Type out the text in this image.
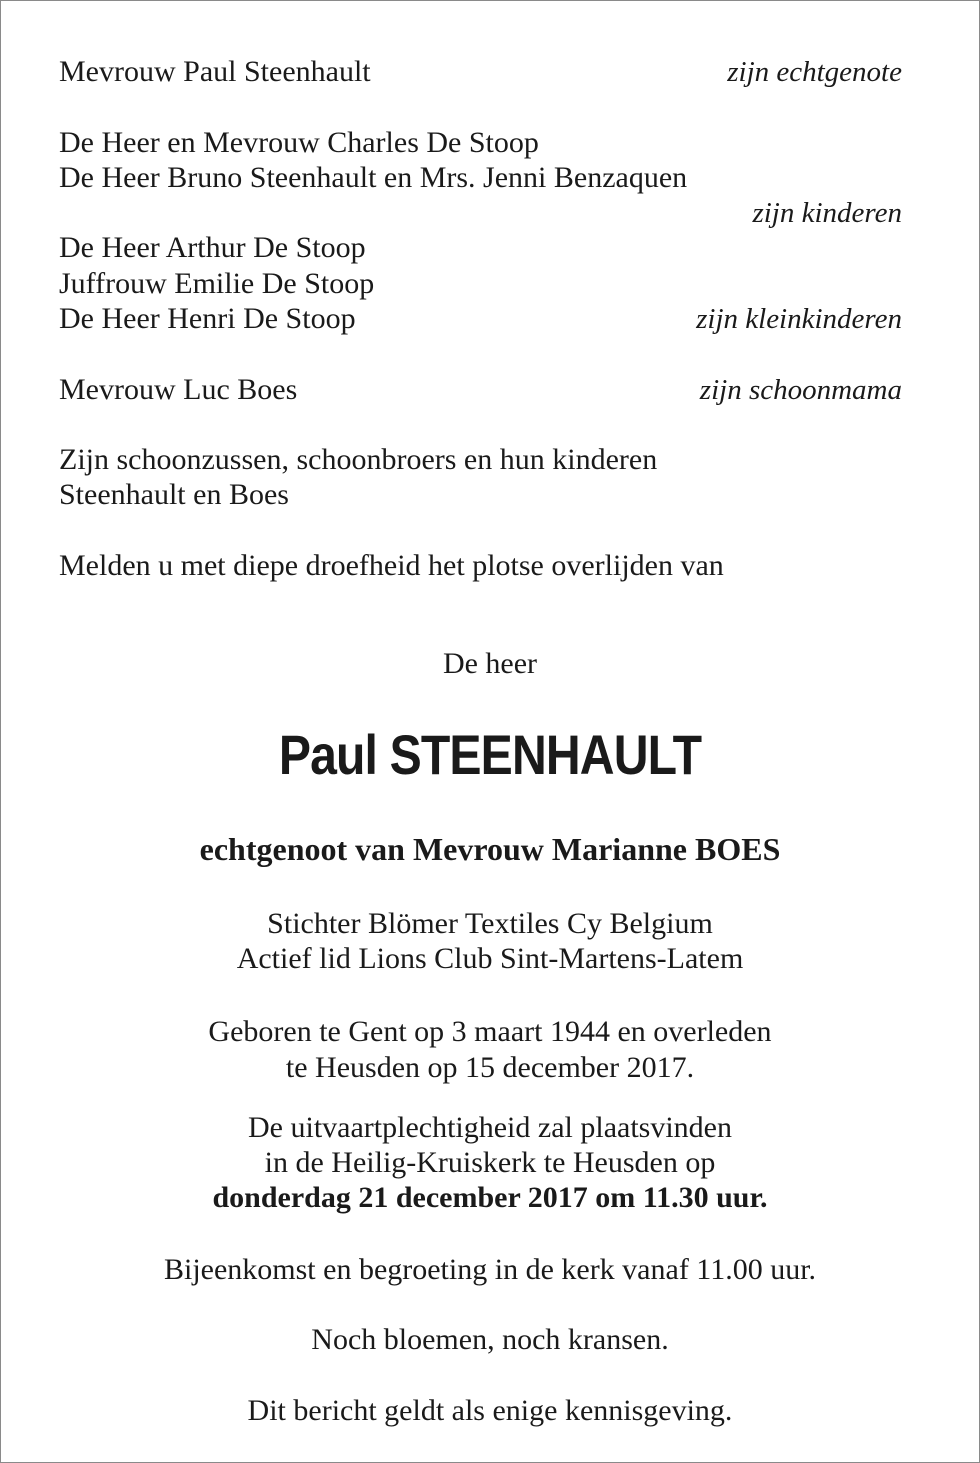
Mevrouw Paul Steenhault	zijn echtgenote
De Heer en Mevrouw Charles De Stoop
De Heer Bruno Steenhault en Mrs. Jenni Benzaquen
zijn kinderen
De Heer Arthur De Stoop
Juffrouw Emilie De Stoop
De Heer Henri De Stoop	zijn kleinkinderen
Mevrouw Luc Boes	zijn schoonmama
Zijn schoonzussen, schoonbroers en hun kinderen
Steenhault en Boes
Melden u met diepe droefheid het plotse overlijden van
De heer
Paul STEENHAULT
echtgenoot van Mevrouw Marianne BOES
Stichter Blömer Textiles Cy Belgium
Actief lid Lions Club Sint-Martens-Latem
Geboren te Gent op 3 maart 1944 en overleden
te Heusden op 15 december 2017.
De uitvaartplechtigheid zal plaatsvinden
in de Heilig-Kruiskerk te Heusden op
donderdag 21 december 2017 om 11.30 uur.
Bijeenkomst en begroeting in de kerk vanaf 11.00 uur.
Noch bloemen, noch kransen.
Dit bericht geldt als enige kennisgeving.
